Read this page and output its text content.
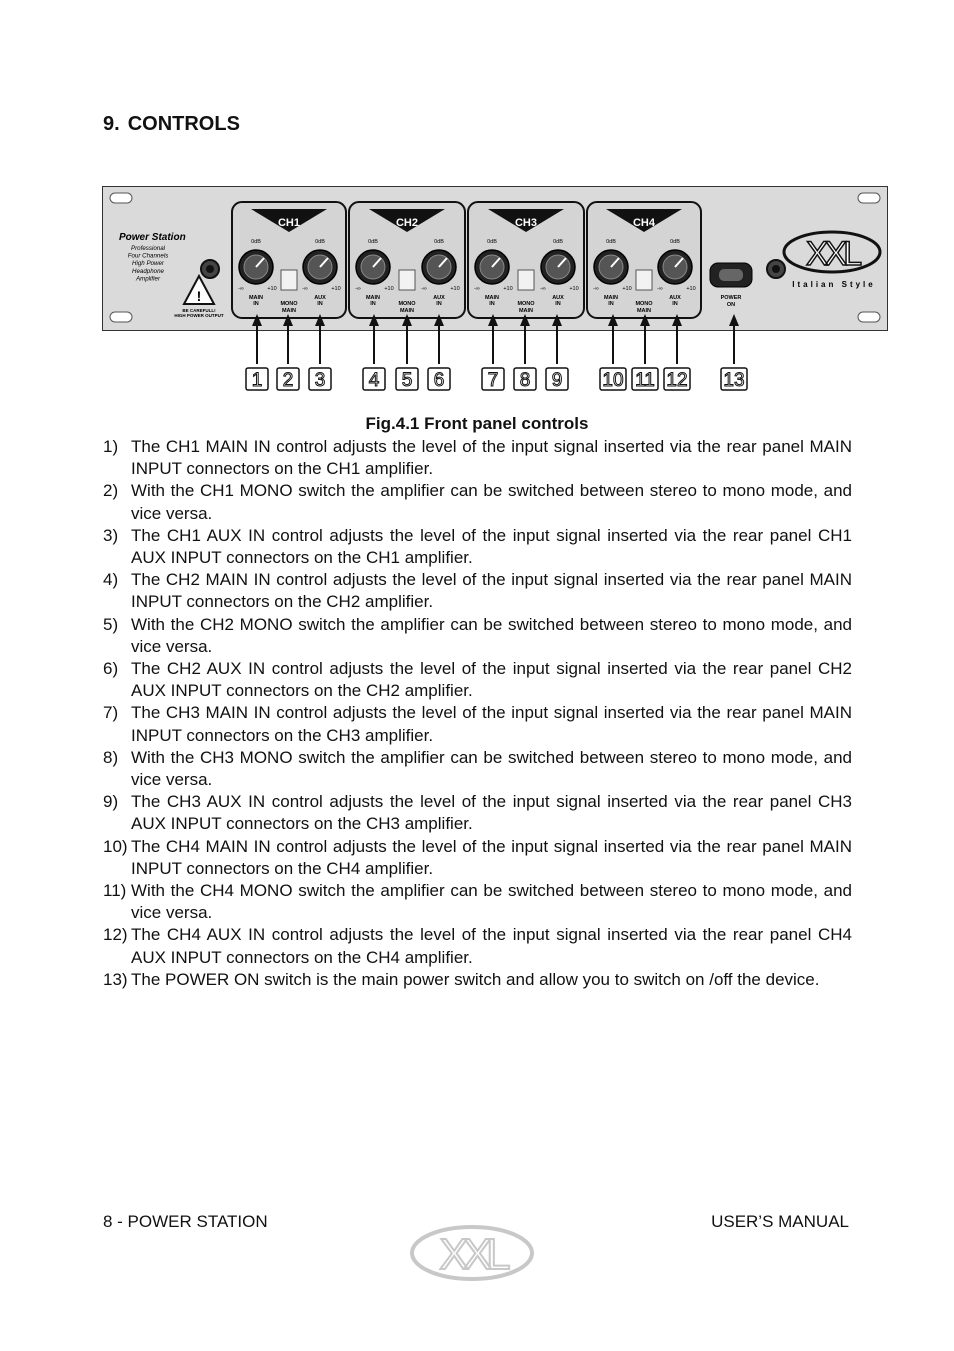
9. CONTROLS
Power Station
Professional
Four Channels
High Power
Headphone
Amplifier
!
BE CAREFULL!
HIGH POWER OUTPUT
CH1
0dB
-∞	+10
MAIN
IN
0dB
-∞	+10
AUX
IN
MONO
MAIN
CH2
0dB
-∞	+10
MAIN
IN
0dB
-∞	+10
AUX
IN
MONO
MAIN
CH3
0dB
-∞	+10
MAIN
IN
0dB
-∞	+10
AUX
IN
MONO
MAIN
CH4
0dB
-∞	+10
MAIN
IN
0dB
-∞	+10
AUX
IN
MONO
MAIN
POWER
ON
XXL
Italian Style
1 2 3 4 5 6 7 8 9 10 11 12 13
Fig.4.1 Front panel controls
1) The CH1 MAIN IN control adjusts the level of the input signal inserted via the rear panel MAIN INPUT connectors on the CH1 amplifier.
2) With the CH1 MONO switch the amplifier can be switched between stereo to mono mode, and vice versa.
3) The CH1 AUX IN control adjusts the level of the input signal inserted via the rear panel CH1 AUX INPUT connectors on the CH1 amplifier.
4) The CH2 MAIN IN control adjusts the level of the input signal inserted via the rear panel MAIN INPUT connectors on the CH2 amplifier.
5) With the CH2 MONO switch the amplifier can be switched between stereo to mono mode, and vice versa.
6) The CH2 AUX IN control adjusts the level of the input signal inserted via the rear panel CH2 AUX INPUT connectors on the CH2 amplifier.
7) The CH3 MAIN IN control adjusts the level of the input signal inserted via the rear panel MAIN INPUT connectors on the CH3 amplifier.
8) With the CH3 MONO switch the amplifier can be switched between stereo to mono mode, and vice versa.
9) The CH3 AUX IN control adjusts the level of the input signal inserted via the rear panel CH3 AUX INPUT connectors on the CH3 amplifier.
10) The CH4 MAIN IN control adjusts the level of the input signal inserted via the rear panel MAIN INPUT connectors on the CH4 amplifier.
11) With the CH4 MONO switch the amplifier can be switched between stereo to mono mode, and vice versa.
12) The CH4 AUX IN control adjusts the level of the input signal inserted via the rear panel CH4 AUX INPUT connectors on the CH4 amplifier.
13) The POWER ON switch is the main power switch and allow you to switch on /off the device.
8 - POWER STATION
XXL
USER’S MANUAL
